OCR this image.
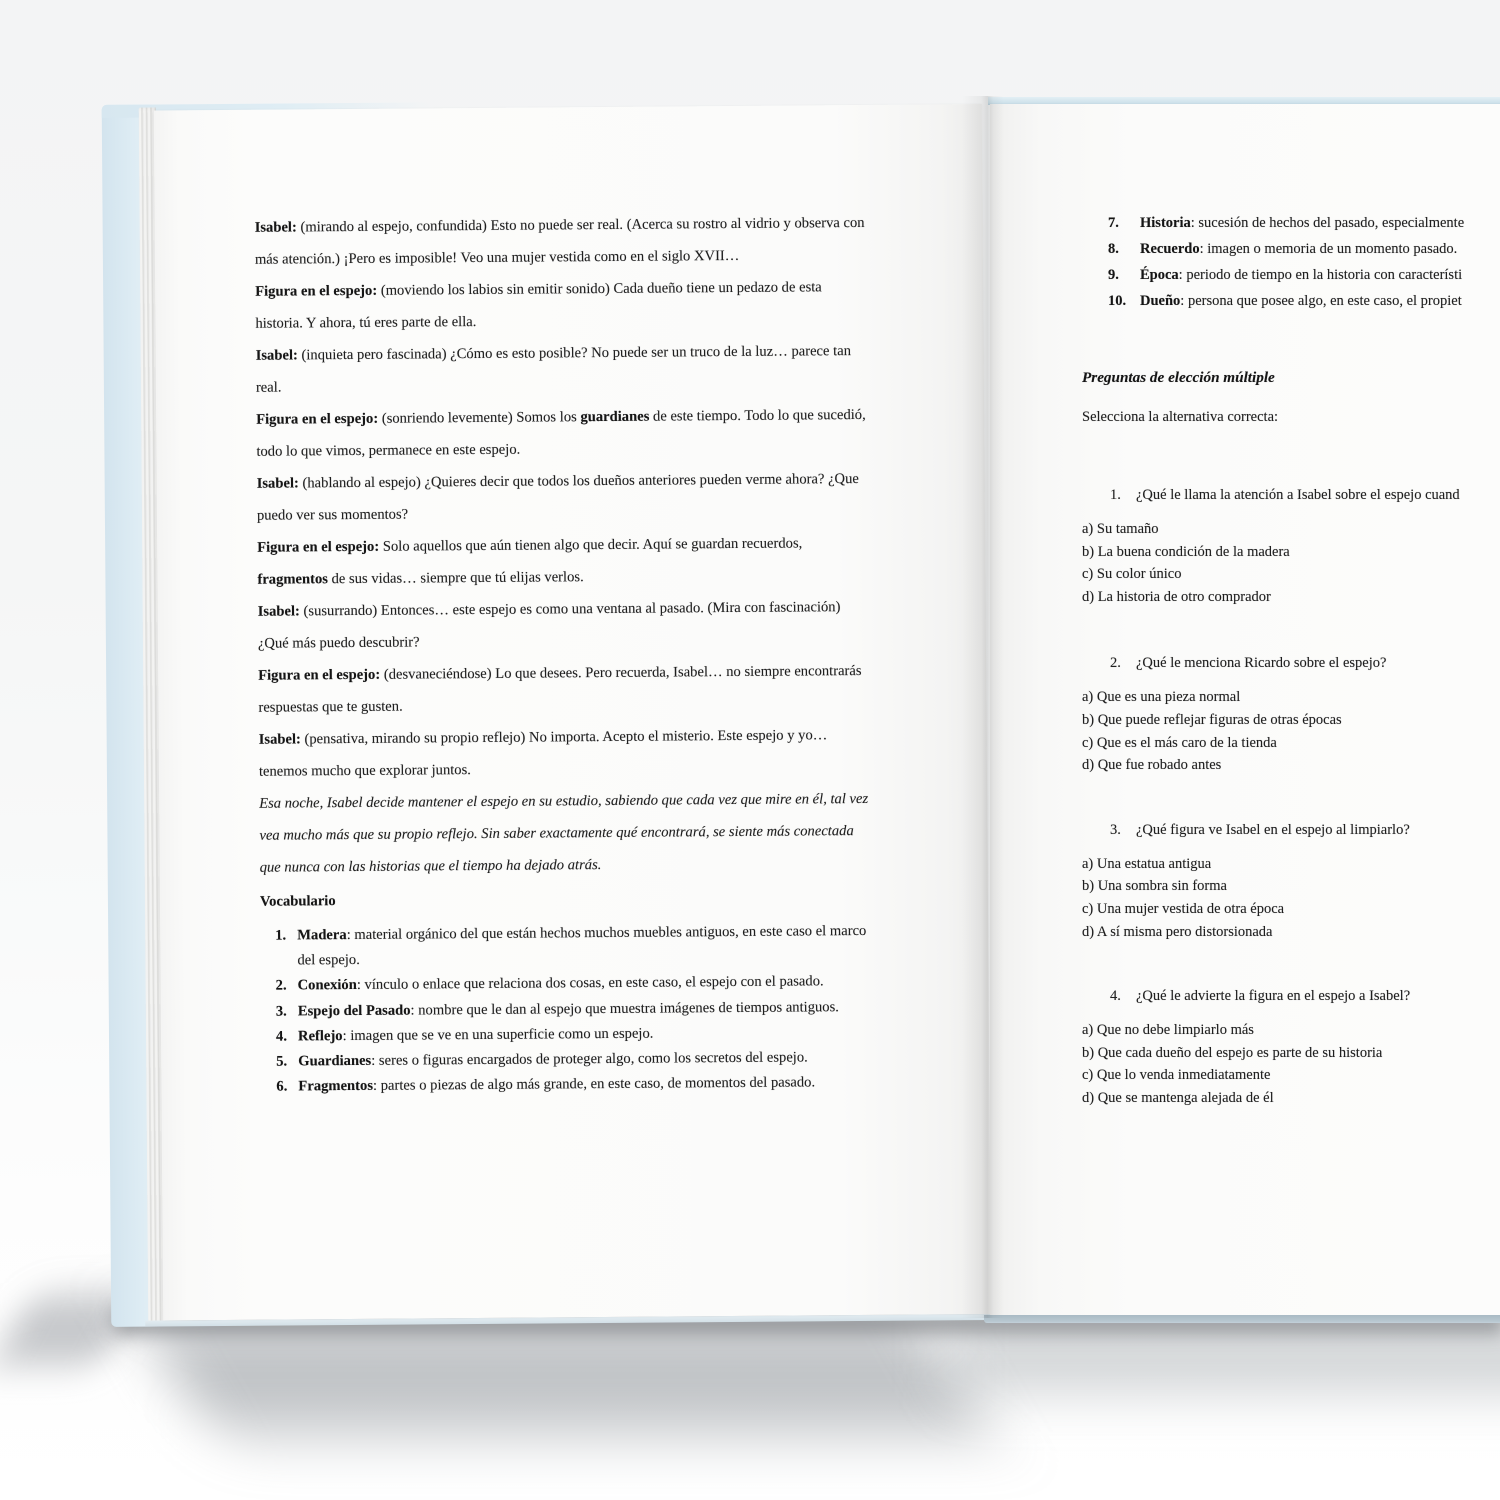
Isabel: (mirando al espejo, confundida) Esto no puede ser real. (Acerca su rostro al vidrio y observa con más atención.) ¡Pero es imposible! Veo una mujer vestida como en el siglo XVII…

Figura en el espejo: (moviendo los labios sin emitir sonido) Cada dueño tiene un pedazo de esta historia. Y ahora, tú eres parte de ella.

Isabel: (inquieta pero fascinada) ¿Cómo es esto posible? No puede ser un truco de la luz… parece tan real.

Figura en el espejo: (sonriendo levemente) Somos los guardianes de este tiempo. Todo lo que sucedió, todo lo que vimos, permanece en este espejo.

Isabel: (hablando al espejo) ¿Quieres decir que todos los dueños anteriores pueden verme ahora? ¿Que puedo ver sus momentos?

Figura en el espejo: Solo aquellos que aún tienen algo que decir. Aquí se guardan recuerdos, fragmentos de sus vidas… siempre que tú elijas verlos.

Isabel: (susurrando) Entonces… este espejo es como una ventana al pasado. (Mira con fascinación) ¿Qué más puedo descubrir?

Figura en el espejo: (desvaneciéndose) Lo que desees. Pero recuerda, Isabel… no siempre encontrarás respuestas que te gusten.

Isabel: (pensativa, mirando su propio reflejo) No importa. Acepto el misterio. Este espejo y yo… tenemos mucho que explorar juntos.

Esa noche, Isabel decide mantener el espejo en su estudio, sabiendo que cada vez que mire en él, tal vez vea mucho más que su propio reflejo. Sin saber exactamente qué encontrará, se siente más conectada que nunca con las historias que el tiempo ha dejado atrás.

Vocabulario
1. Madera: material orgánico del que están hechos muchos muebles antiguos, en este caso el marco del espejo.
2. Conexión: vínculo o enlace que relaciona dos cosas, en este caso, el espejo con el pasado.
3. Espejo del Pasado: nombre que le dan al espejo que muestra imágenes de tiempos antiguos.
4. Reflejo: imagen que se ve en una superficie como un espejo.
5. Guardianes: seres o figuras encargados de proteger algo, como los secretos del espejo.
6. Fragmentos: partes o piezas de algo más grande, en este caso, de momentos del pasado.
7. Historia: sucesión de hechos del pasado, especialmente
8. Recuerdo: imagen o memoria de un momento pasado.
9. Época: periodo de tiempo en la historia con característi
10. Dueño: persona que posee algo, en este caso, el propiet
Preguntas de elección múltiple
Selecciona la alternativa correcta:
1. ¿Qué le llama la atención a Isabel sobre el espejo cuand
a) Su tamaño
b) La buena condición de la madera
c) Su color único
d) La historia de otro comprador
2. ¿Qué le menciona Ricardo sobre el espejo?
a) Que es una pieza normal
b) Que puede reflejar figuras de otras épocas
c) Que es el más caro de la tienda
d) Que fue robado antes
3. ¿Qué figura ve Isabel en el espejo al limpiarlo?
a) Una estatua antigua
b) Una sombra sin forma
c) Una mujer vestida de otra época
d) A sí misma pero distorsionada
4. ¿Qué le advierte la figura en el espejo a Isabel?
a) Que no debe limpiarlo más
b) Que cada dueño del espejo es parte de su historia
c) Que lo venda inmediatamente
d) Que se mantenga alejada de él
